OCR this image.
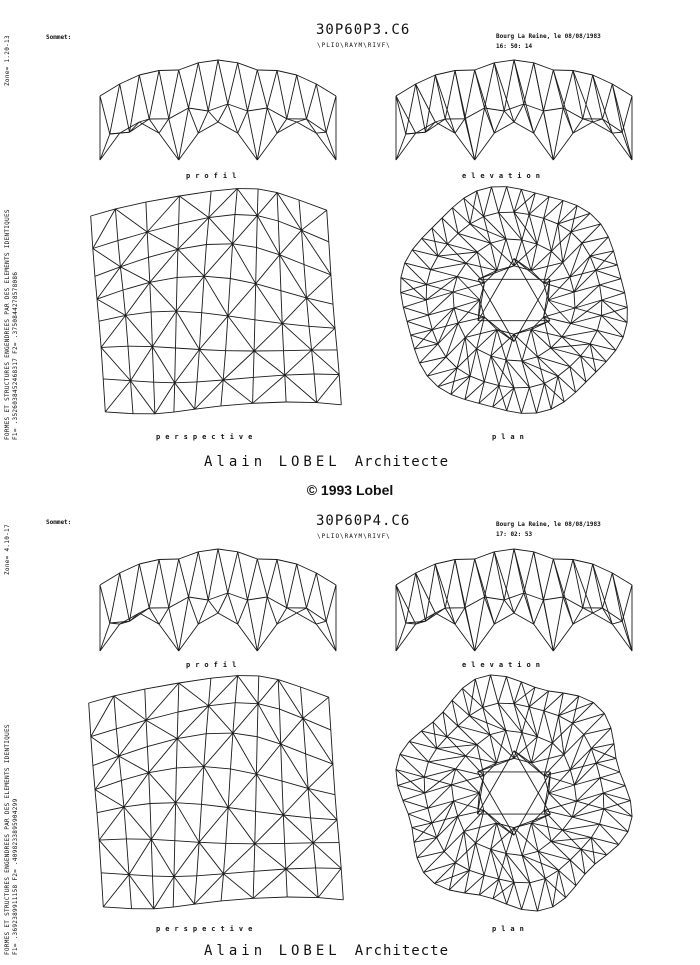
Sommet:	30P60P3.C6
\PLIO\RAYM\RIVF\
Bourg La Reine, le 08/08/1983
16: 50: 14
Zone= 1.20-13
FORMES ET STRUCTURES ENGENDREES PAR DES ELEMENTS IDENTIQUES F1= .3526038452468317 F2= .3750844278578086
profil	elevation
perspective	plan
Alain LOBEL Architecte
© 1993 Lobel
Sommet:	30P60P4.C6
\PLIO\RAYM\RIVF\
Bourg La Reine, le 08/08/1983
17: 02: 53
Zone= 4.10-17
FORMES ET STRUCTURES ENGENDREES PAR DES ELEMENTS IDENTIQUES F1= .3692389911158 F2= .4098233895904299
profil	elevation
perspective	plan
Alain LOBEL Architecte
